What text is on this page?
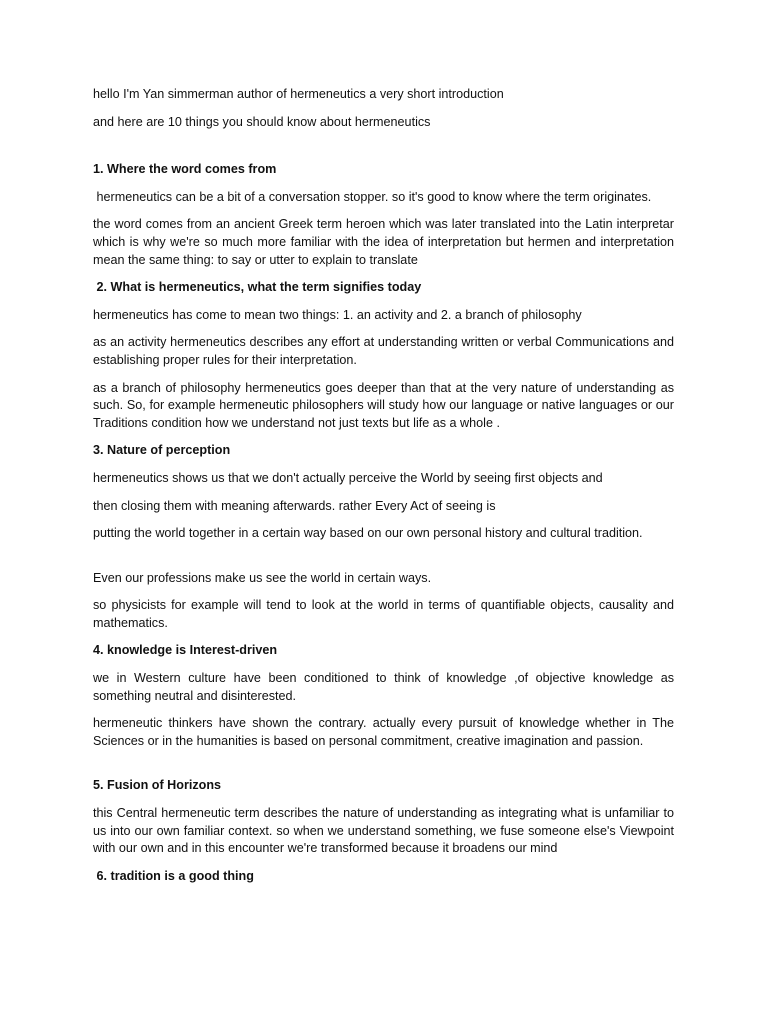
hello I'm Yan simmerman author of hermeneutics a very short introduction

and here are 10 things you should know about hermeneutics

1. Where the word comes from

hermeneutics can be a bit of a conversation stopper. so it's good to know where the term originates.

the word comes from an ancient Greek term heroen which was later translated into the Latin interpretar which is why we're so much more familiar with the idea of interpretation but hermen and interpretation mean the same thing: to say or utter to explain to translate

2. What is hermeneutics, what the term signifies today

hermeneutics has come to mean two things: 1. an activity and 2. a branch of philosophy

as an activity hermeneutics describes any effort at understanding written or verbal Communications and establishing proper rules for their interpretation.

as a branch of philosophy hermeneutics goes deeper than that at the very nature of understanding as such. So, for example hermeneutic philosophers will study how our language or native languages or our Traditions condition how we understand not just texts but life as a whole .

3. Nature of perception

hermeneutics shows us that we don't actually perceive the World by seeing first objects and

then closing them with meaning afterwards. rather Every Act of seeing is

putting the world together in a certain way based on our own personal history and cultural tradition.

Even our professions make us see the world in certain ways.

so physicists for example will tend to look at the world in terms of quantifiable objects, causality and mathematics.

4. knowledge is Interest-driven

we in Western culture have been conditioned to think of knowledge ,of objective knowledge as something neutral and disinterested.

hermeneutic thinkers have shown the contrary. actually every pursuit of knowledge whether in The Sciences or in the humanities is based on personal commitment, creative imagination and passion.

5. Fusion of Horizons

this Central hermeneutic term describes the nature of understanding as integrating what is unfamiliar to us into our own familiar context. so when we understand something, we fuse someone else's Viewpoint with our own and in this encounter we're transformed because it broadens our mind

6. tradition is a good thing
